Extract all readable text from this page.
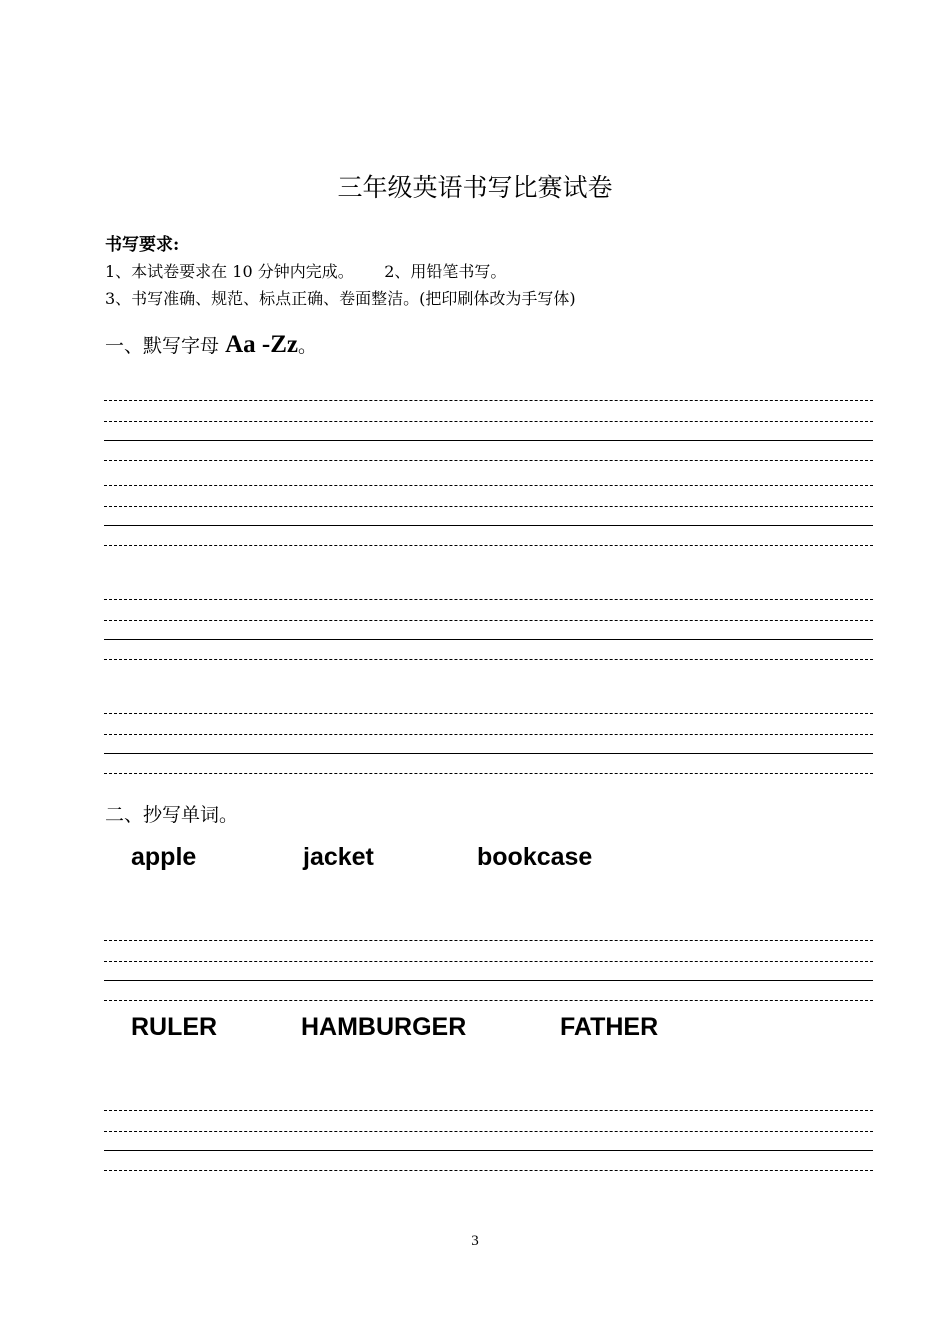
三年级英语书写比赛试卷
书写要求:
1、本试卷要求在 10 分钟内完成。 2、用铅笔书写。
3、书写准确、规范、标点正确、卷面整洁。(把印刷体改为手写体)
一、默写字母 Aa -Zz。
二、抄写单词。
apple	jacket	bookcase
RULER	HAMBURGER	FATHER
3
